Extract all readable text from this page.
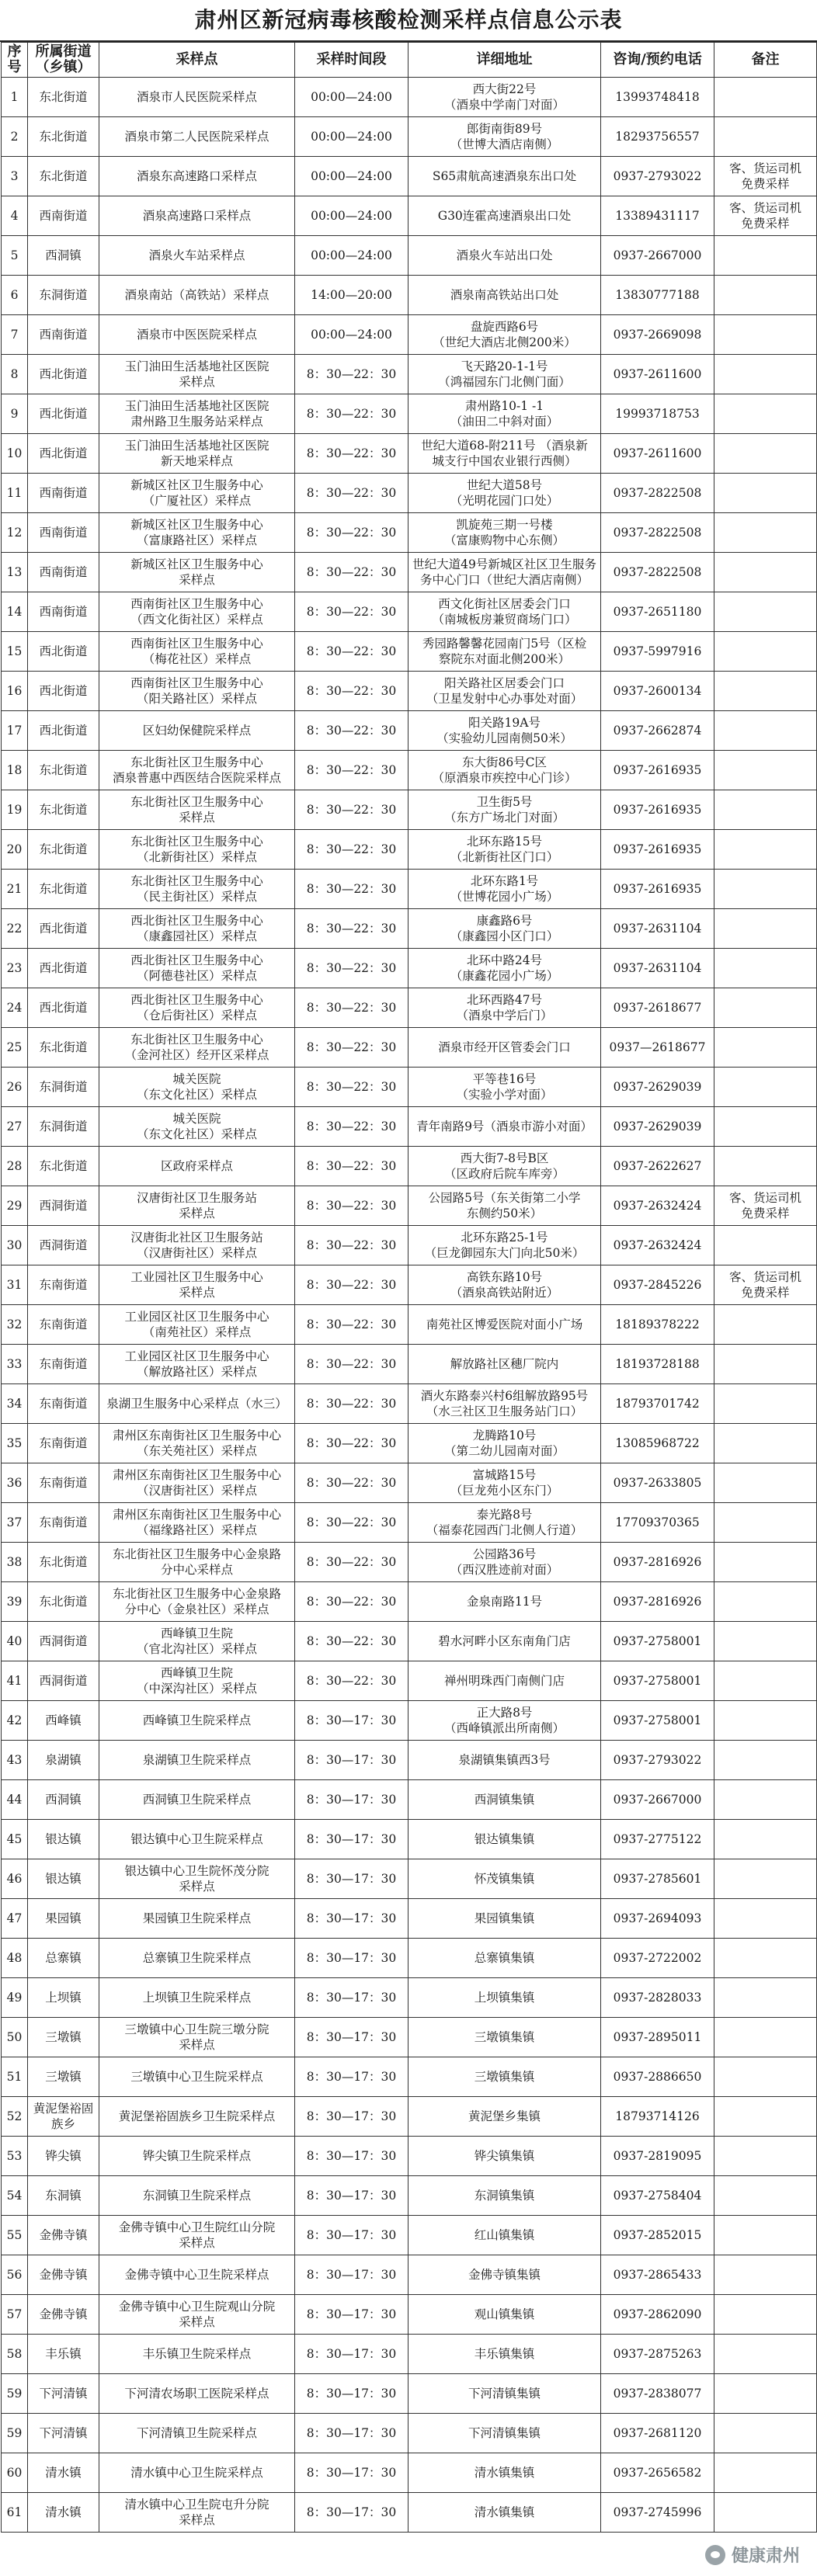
肃州区新冠病毒核酸检测采样点信息公示表
序号	所属街道
（乡镇）	采样点	采样时间段	详细地址	咨询/预约电话	备注

1	东北街道	酒泉市人民医院采样点	00:00—24:00	西大街22号
（酒泉中学南门对面）	13993748418	

2	东北街道	酒泉市第二人民医院采样点	00:00—24:00	郎街南街89号
（世博大酒店南侧）	18293756557	

3	东北街道	酒泉东高速路口采样点	00:00—24:00	S65肃航高速酒泉东出口处	0937-2793022	客、货运司机
免费采样

4	西南街道	酒泉高速路口采样点	00:00—24:00	G30连霍高速酒泉出口处	13389431117	客、货运司机
免费采样

5	西洞镇	酒泉火车站采样点	00:00—24:00	酒泉火车站出口处	0937-2667000	

6	东洞街道	酒泉南站（高铁站）采样点	14:00—20:00	酒泉南高铁站出口处	13830777188	

7	西南街道	酒泉市中医医院采样点	00:00—24:00	盘旋西路6号
（世纪大酒店北侧200米）	0937-2669098	

8	西北街道	玉门油田生活基地社区医院
采样点	8：30—22：30	飞天路20-1-1号
（鸿福园东门北侧门面）	0937-2611600	

9	西北街道	玉门油田生活基地社区医院
肃州路卫生服务站采样点	8：30—22：30	肃州路10-1 -1
（油田二中斜对面）	19993718753	

10	西北街道	玉门油田生活基地社区医院
新天地采样点	8：30—22：30	世纪大道68-附211号 （酒泉新
城支行中国农业银行西侧）	0937-2611600	

11	西南街道	新城区社区卫生服务中心
（广厦社区）采样点	8：30—22：30	世纪大道58号
（光明花园门口处）	0937-2822508	

12	西南街道	新城区社区卫生服务中心
（富康路社区）采样点	8：30—22：30	凯旋苑三期一号楼
（富康购物中心东侧）	0937-2822508	

13	西南街道	新城区社区卫生服务中心
采样点	8：30—22：30	世纪大道49号新城区社区卫生服务
务中心门口（世纪大酒店南侧）	0937-2822508	

14	西南街道	西南街社区卫生服务中心
（西文化街社区）采样点	8：30—22：30	西文化街社区居委会门口
（南城板房兼贸商场门口）	0937-2651180	

15	西北街道	西南街社区卫生服务中心
（梅花社区）采样点	8：30—22：30	秀园路馨馨花园南门5号（区检
察院东对面北侧200米）	0937-5997916	

16	西北街道	西南街社区卫生服务中心
（阳关路社区）采样点	8：30—22：30	阳关路社区居委会门口
（卫星发射中心办事处对面）	0937-2600134	

17	西北街道	区妇幼保健院采样点	8：30—22：30	阳关路19A号
（实验幼儿园南侧50米）	0937-2662874	

18	东北街道	东北街社区卫生服务中心
酒泉普惠中西医结合医院采样点	8：30—22：30	东大街86号C区
（原酒泉市疾控中心门诊）	0937-2616935	

19	东北街道	东北街社区卫生服务中心
采样点	8：30—22：30	卫生街5号
（东方广场北门对面）	0937-2616935	

20	东北街道	东北街社区卫生服务中心
（北新街社区）采样点	8：30—22：30	北环东路15号
（北新街社区门口）	0937-2616935	

21	东北街道	东北街社区卫生服务中心
（民主街社区）采样点	8：30—22：30	北环东路1号
（世博花园小广场）	0937-2616935	

22	西北街道	西北街社区卫生服务中心
（康鑫园社区）采样点	8：30—22：30	康鑫路6号
（康鑫园小区门口）	0937-2631104	

23	西北街道	西北街社区卫生服务中心
（阿德巷社区）采样点	8：30—22：30	北环中路24号
（康鑫花园小广场）	0937-2631104	

24	西北街道	西北街社区卫生服务中心
（仓后街社区）采样点	8：30—22：30	北环西路47号
（酒泉中学后门）	0937-2618677	

25	东北街道	东北街社区卫生服务中心
（金河社区）经开区采样点	8：30—22：30	酒泉市经开区管委会门口	0937—2618677	

26	东洞街道	城关医院
（东文化社区）采样点	8：30—22：30	平等巷16号
（实验小学对面）	0937-2629039	

27	东洞街道	城关医院
（东文化社区）采样点	8：30—22：30	青年南路9号（酒泉市游小对面）	0937-2629039	

28	东北街道	区政府采样点	8：30—22：30	西大街7-8号B区
（区政府后院车库旁）	0937-2622627	

29	西洞街道	汉唐街社区卫生服务站
采样点	8：30—22：30	公园路5号（东关街第二小学
东侧约50米）	0937-2632424	客、货运司机
免费采样

30	西洞街道	汉唐街北社区卫生服务站
（汉唐街社区）采样点	8：30—22：30	北环东路25-1号
（巨龙御园东大门向北50米）	0937-2632424	

31	东南街道	工业园社区卫生服务中心
采样点	8：30—22：30	高铁东路10号
（酒泉高铁站附近）	0937-2845226	客、货运司机
免费采样

32	东南街道	工业园区社区卫生服务中心
（南苑社区）采样点	8：30—22：30	南苑社区博爱医院对面小广场	18189378222	

33	东南街道	工业园区社区卫生服务中心
（解放路社区）采样点	8：30—22：30	解放路社区穗厂院内	18193728188	

34	东南街道	泉湖卫生服务中心采样点（水三）	8：30—22：30	酒火东路泰兴村6组解放路95号
（水三社区卫生服务站门口）	18793701742	

35	东南街道	肃州区东南街社区卫生服务中心
（东关苑社区）采样点	8：30—22：30	龙腾路10号
（第二幼儿园南对面）	13085968722	

36	东南街道	肃州区东南街社区卫生服务中心
（汉唐街社区）采样点	8：30—22：30	富城路15号
（巨龙苑小区东门）	0937-2633805	

37	东南街道	肃州区东南街社区卫生服务中心
（福缘路社区）采样点	8：30—22：30	泰光路8号
（福泰花园西门北侧人行道）	17709370365	

38	东北街道	东北街社区卫生服务中心金泉路
分中心采样点	8：30—22：30	公园路36号
（西汉胜迹前对面）	0937-2816926	

39	东北街道	东北街社区卫生服务中心金泉路
分中心（金泉社区）采样点	8：30—22：30	金泉南路11号	0937-2816926	

40	西洞街道	西峰镇卫生院
（官北沟社区）采样点	8：30—22：30	碧水河畔小区东南角门店	0937-2758001	

41	西洞街道	西峰镇卫生院
（中深沟社区）采样点	8：30—22：30	禅州明珠西门南侧门店	0937-2758001	

42	西峰镇	西峰镇卫生院采样点	8：30—17：30	正大路8号
（西峰镇派出所南侧）	0937-2758001	

43	泉湖镇	泉湖镇卫生院采样点	8：30—17：30	泉湖镇集镇西3号	0937-2793022	

44	西洞镇	西洞镇卫生院采样点	8：30—17：30	西洞镇集镇	0937-2667000	

45	银达镇	银达镇中心卫生院采样点	8：30—17：30	银达镇集镇	0937-2775122	

46	银达镇	银达镇中心卫生院怀茂分院
采样点	8：30—17：30	怀茂镇集镇	0937-2785601	

47	果园镇	果园镇卫生院采样点	8：30—17：30	果园镇集镇	0937-2694093	

48	总寨镇	总寨镇卫生院采样点	8：30—17：30	总寨镇集镇	0937-2722002	

49	上坝镇	上坝镇卫生院采样点	8：30—17：30	上坝镇集镇	0937-2828033	

50	三墩镇	三墩镇中心卫生院三墩分院
采样点	8：30—17：30	三墩镇集镇	0937-2895011	

51	三墩镇	三墩镇中心卫生院采样点	8：30—17：30	三墩镇集镇	0937-2886650	

52	黄泥堡裕固
族乡	黄泥堡裕固族乡卫生院采样点	8：30—17：30	黄泥堡乡集镇	18793714126	

53	铧尖镇	铧尖镇卫生院采样点	8：30—17：30	铧尖镇集镇	0937-2819095	

54	东洞镇	东洞镇卫生院采样点	8：30—17：30	东洞镇集镇	0937-2758404	

55	金佛寺镇	金佛寺镇中心卫生院红山分院
采样点	8：30—17：30	红山镇集镇	0937-2852015	

56	金佛寺镇	金佛寺镇中心卫生院采样点	8：30—17：30	金佛寺镇集镇	0937-2865433	

57	金佛寺镇	金佛寺镇中心卫生院观山分院
采样点	8：30—17：30	观山镇集镇	0937-2862090	

58	丰乐镇	丰乐镇卫生院采样点	8：30—17：30	丰乐镇集镇	0937-2875263	

59	下河清镇	下河清农场职工医院采样点	8：30—17：30	下河清镇集镇	0937-2838077	

59	下河清镇	下河清镇卫生院采样点	8：30—17：30	下河清镇集镇	0937-2681120	

60	清水镇	清水镇中心卫生院采样点	8：30—17：30	清水镇集镇	0937-2656582	

61	清水镇	清水镇中心卫生院屯升分院
采样点	8：30—17：30	清水镇集镇	0937-2745996	

健康肃州
